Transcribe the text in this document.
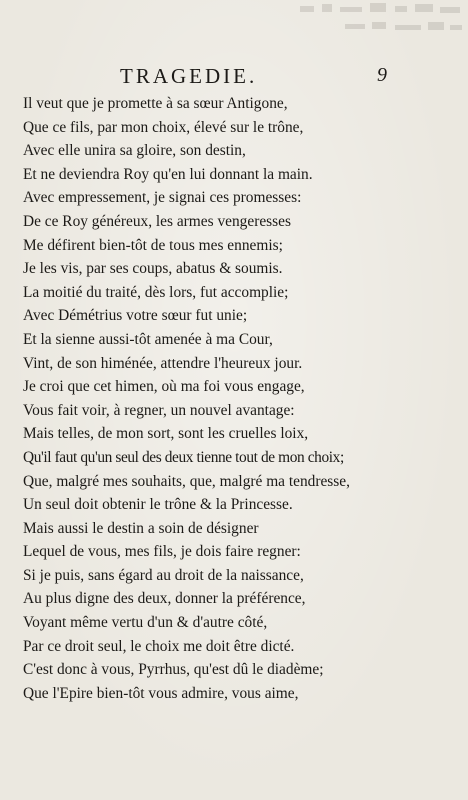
TRAGEDIE.	9
Il veut que je promette à sa sœur Antigone,
Que ce fils, par mon choix, élevé sur le trône,
Avec elle unira sa gloire, son destin,
Et ne deviendra Roy qu'en lui donnant la main.
Avec empressement, je signai ces promesses:
De ce Roy généreux, les armes vengeresses
Me défirent bien-tôt de tous mes ennemis;
Je les vis, par ses coups, abatus & soumis.
La moitié du traité, dès lors, fut accomplie;
Avec Démétrius votre sœur fut unie;
Et la sienne aussi-tôt amenée à ma Cour,
Vint, de son himénée, attendre l'heureux jour.
Je croi que cet himen, où ma foi vous engage,
Vous fait voir, à regner, un nouvel avantage:
Mais telles, de mon sort, sont les cruelles loix,
Qu'il faut qu'un seul des deux tienne tout de mon choix;
Que, malgré mes souhaits, que, malgré ma tendresse,
Un seul doit obtenir le trône & la Princesse.
Mais aussi le destin a soin de désigner
Lequel de vous, mes fils, je dois faire regner:
Si je puis, sans égard au droit de la naissance,
Au plus digne des deux, donner la préférence,
Voyant même vertu d'un & d'autre côté,
Par ce droit seul, le choix me doit être dicté.
C'est donc à vous, Pyrrhus, qu'est dû le diadème;
Que l'Epire bien-tôt vous admire, vous aime,
